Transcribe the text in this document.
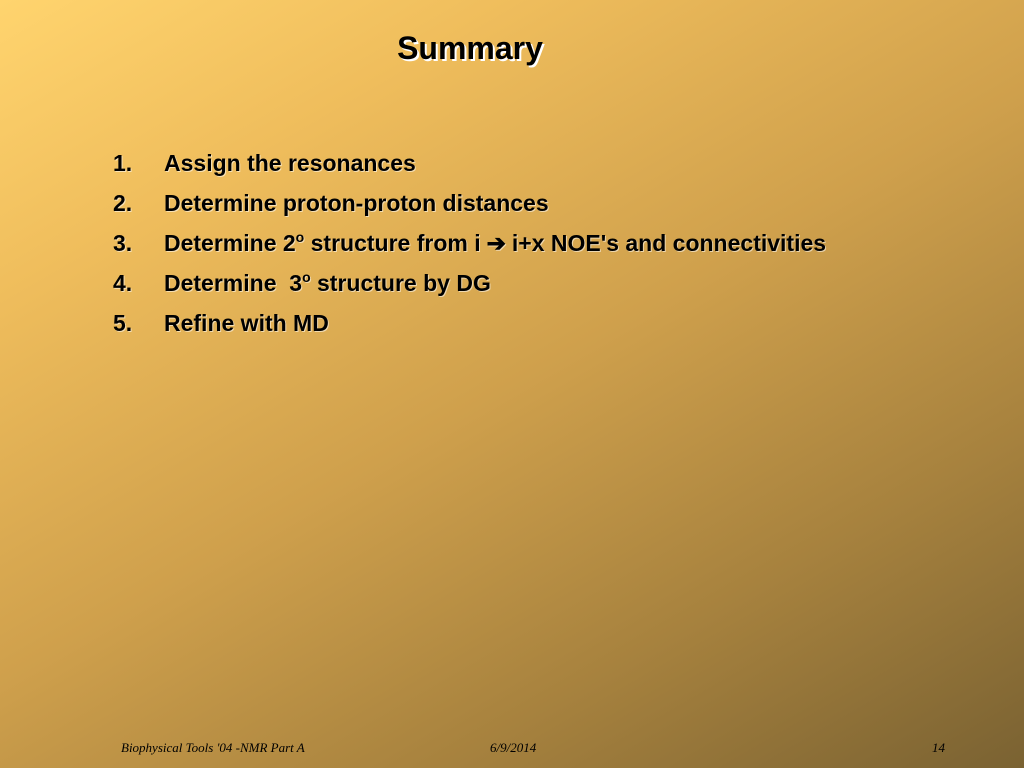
Summary
1.	Assign the resonances
2.	Determine proton-proton distances
3.	Determine 2$^o$ structure from i ➔ i+x NOE's and connectivities
4.	Determine  3$^o$ structure by DG
5.	Refine with MD
Biophysical Tools '04 -NMR Part A	6/9/2014	14
